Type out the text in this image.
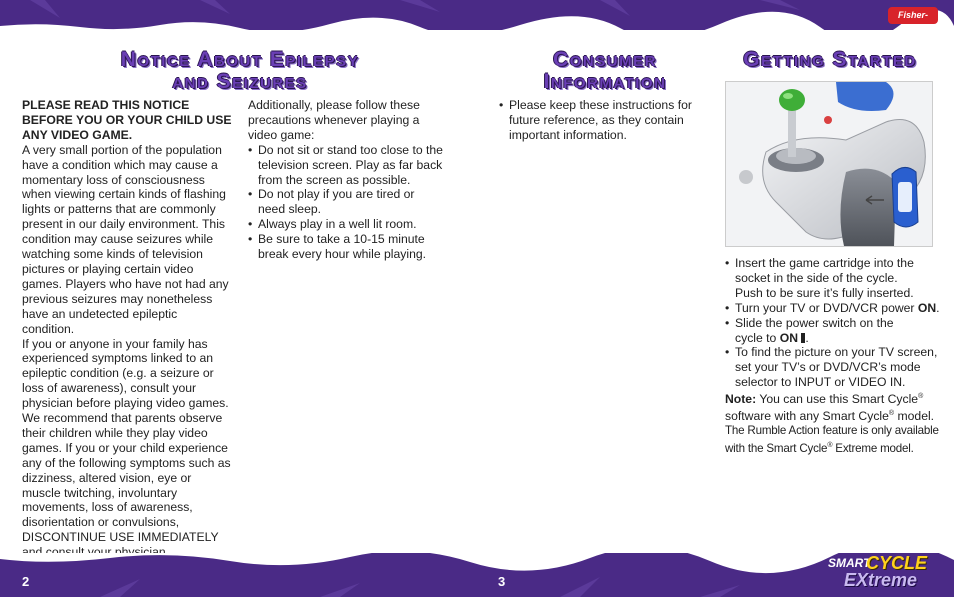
Fisher-Price
Notice About Epilepsy
and Seizures
Consumer
Information
Getting Started
PLEASE READ THIS NOTICE BEFORE YOU OR YOUR CHILD USE ANY VIDEO GAME.
A very small portion of the population have a condition which may cause a momentary loss of consciousness when viewing certain kinds of flashing lights or patterns that are commonly present in our daily environment. This condition may cause seizures while watching some kinds of television pictures or playing certain video games. Players who have not had any previous seizures may nonetheless have an undetected epileptic condition.
If you or anyone in your family has experienced symptoms linked to an epileptic condition (e.g. a seizure or loss of awareness), consult your physician before playing video games.
We recommend that parents observe their children while they play video games. If you or your child experience any of the following symptoms such as dizziness, altered vision, eye or muscle twitching, involuntary movements, loss of awareness, disorientation or convulsions, DISCONTINUE USE IMMEDIATELY
Additionally, please follow these precautions whenever playing a video game:
• Do not sit or stand too close to the television screen. Play as far back from the screen as possible.
• Do not play if you are tired or need sleep.
• Always play in a well lit room.
• Be sure to take a 10-15 minute break every hour while playing.
• Please keep these instructions for future reference, as they contain important information.
• Insert the game cartridge into the socket in the side of the cycle. Push to be sure it’s fully inserted.
• Turn your TV or DVD/VCR power ON.
• Slide the power switch on the cycle to ON .
• To find the picture on your TV screen, set your TV’s or DVD/VCR’s mode selector to INPUT or VIDEO IN.
Note: You can use this Smart Cycle® software with any Smart Cycle® model.
The Rumble Action feature is only available with the Smart Cycle® Extreme model.
2	3
SMART
CYCLE
EXtreme
